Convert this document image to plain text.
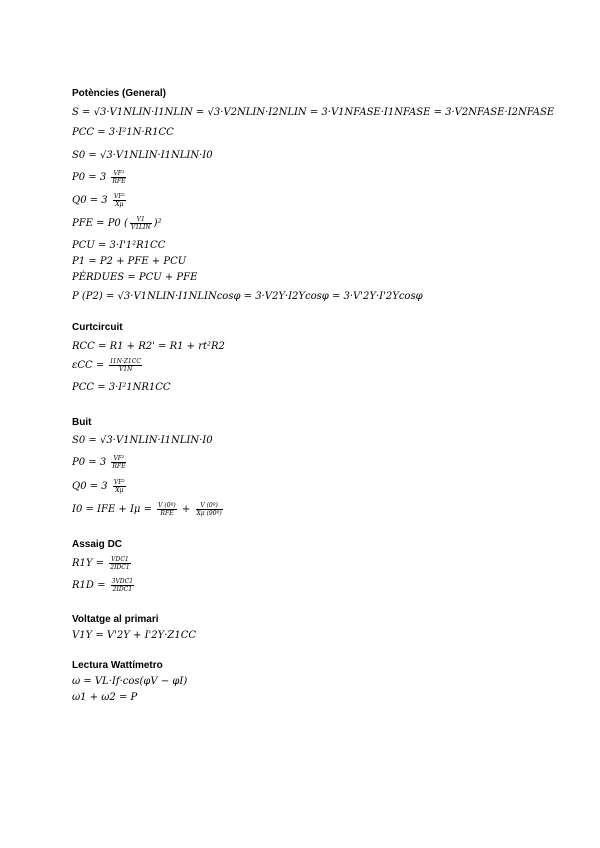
Potències (General)
S = √3·V1NLIN·I1NLIN = √3·V2NLIN·I2NLIN = 3·V1NFASE·I1NFASE = 3·V2NFASE·I2NFASE
PCC = 3·I²1N·R1CC
S0 = √3·V1NLIN·I1NLIN·I0
$P0 = 3 \frac{\text{VF²}}{\text{RFE}}$
$Q0 = 3 \frac{\text{VF²}}{X\mu}$
PFE = P0 ( $\frac{V1}{\text{V1LIN}} )^2$
PCU = 3·I'1²R1CC
P1 = P2 + PFE + PCU
PÈRDUES = PCU + PFE
P (P2) = √3·V1NLIN·I1NLINcosφ = 3·V2Y·I2Ycosφ = 3·V'2Y·I'2Ycosφ
Curtcircuit
RCC = R1 + R2' = R1 + rt²R2
$\varepsilon CC = \frac{I1N\cdot Z1CC}{V1N}$
PCC = 3·I²1NR1CC
Buit
S0 = √3·V1NLIN·I1NLIN·I0
$P0 = 3 \frac{\text{VF²}}{\text{RFE}}$
$Q0 = 3 \frac{\text{VF²}}{X\mu}$
I0 = IFE + $I\mu = \frac{\text{V (0º)}}{\text{RFE}} + \frac{\text{V (0º)}}{\text{Xμ (90º)}}$
Assaig DC
$R1Y = \frac{\text{VDC1}}{\text{2IDC1}}$
$R1D = \frac{\text{3VDC1}}{\text{2IDC1}}$
Voltatge al primari
V1Y = V'2Y + I'2Y·Z1CC
Lectura Wattímetro
ω = VL·If·cos(φV − φI)
ω1 + ω2 = P
